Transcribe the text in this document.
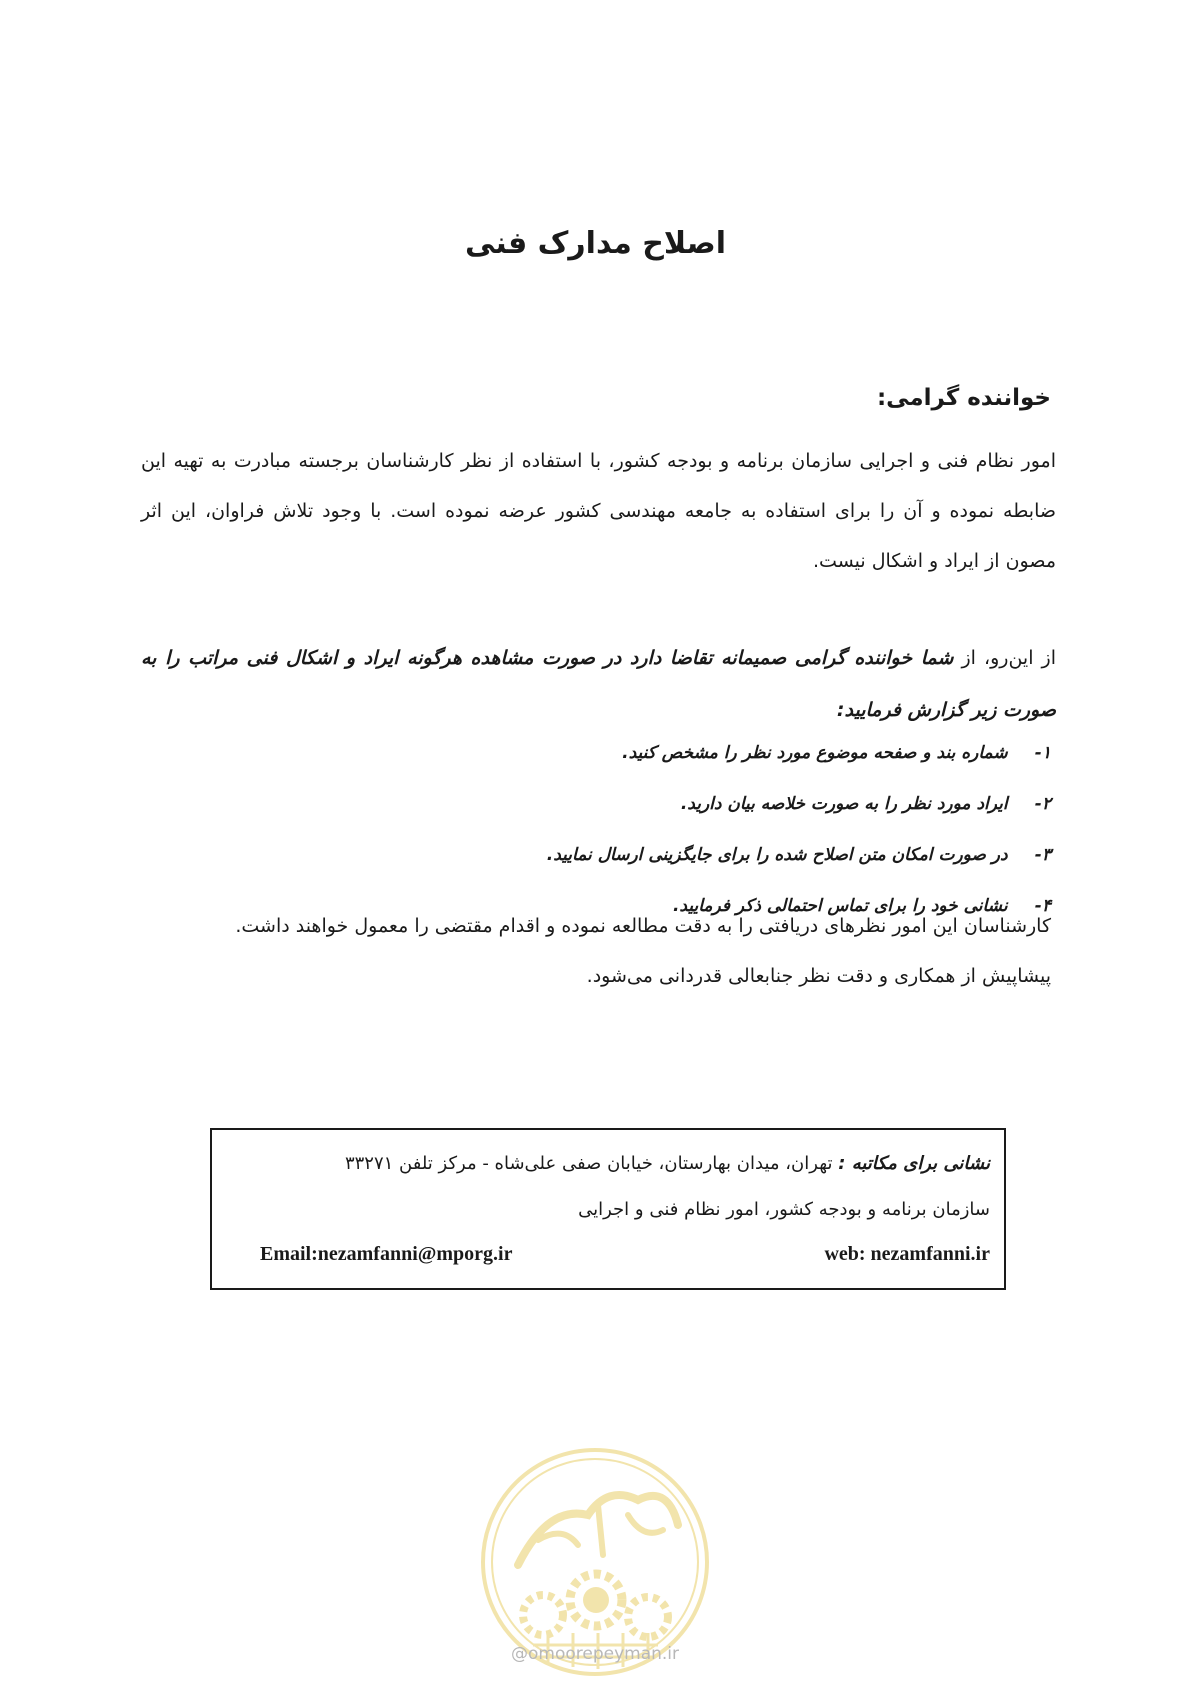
اصلاح مدارک فنی
خواننده گرامی:
امور نظام فنی و اجرایی سازمان برنامه و بودجه کشور، با استفاده از نظر کارشناسان برجسته مبادرت به تهیه این ضابطه نموده و آن را برای استفاده به جامعه مهندسی کشور عرضه نموده است. با وجود تلاش فراوان، این اثر مصون از ایراد و اشکال نیست.
از این‌رو، از شما خواننده گرامی صمیمانه تقاضا دارد در صورت مشاهده هرگونه ایراد و اشکال فنی مراتب را به صورت زیر گزارش فرمایید:
۱- شماره بند و صفحه موضوع مورد نظر را مشخص کنید.
۲- ایراد مورد نظر را به صورت خلاصه بیان دارید.
۳- در صورت امکان متن اصلاح شده را برای جایگزینی ارسال نمایید.
۴- نشانی خود را برای تماس احتمالی ذکر فرمایید.
کارشناسان این امور نظرهای دریافتی را به دقت مطالعه نموده و اقدام مقتضی را معمول خواهند داشت.
پیشاپیش از همکاری و دقت نظر جنابعالی قدردانی می‌شود.
نشانی برای مکاتبه : تهران، میدان بهارستان، خیابان صفی علی‌شاه - مرکز تلفن ۳۳۲۷۱
سازمان برنامه و بودجه کشور، امور نظام فنی و اجرایی
web: nezamfanni.ir
Email:nezamfanni@mporg.ir
@omoorepeyman.ir
